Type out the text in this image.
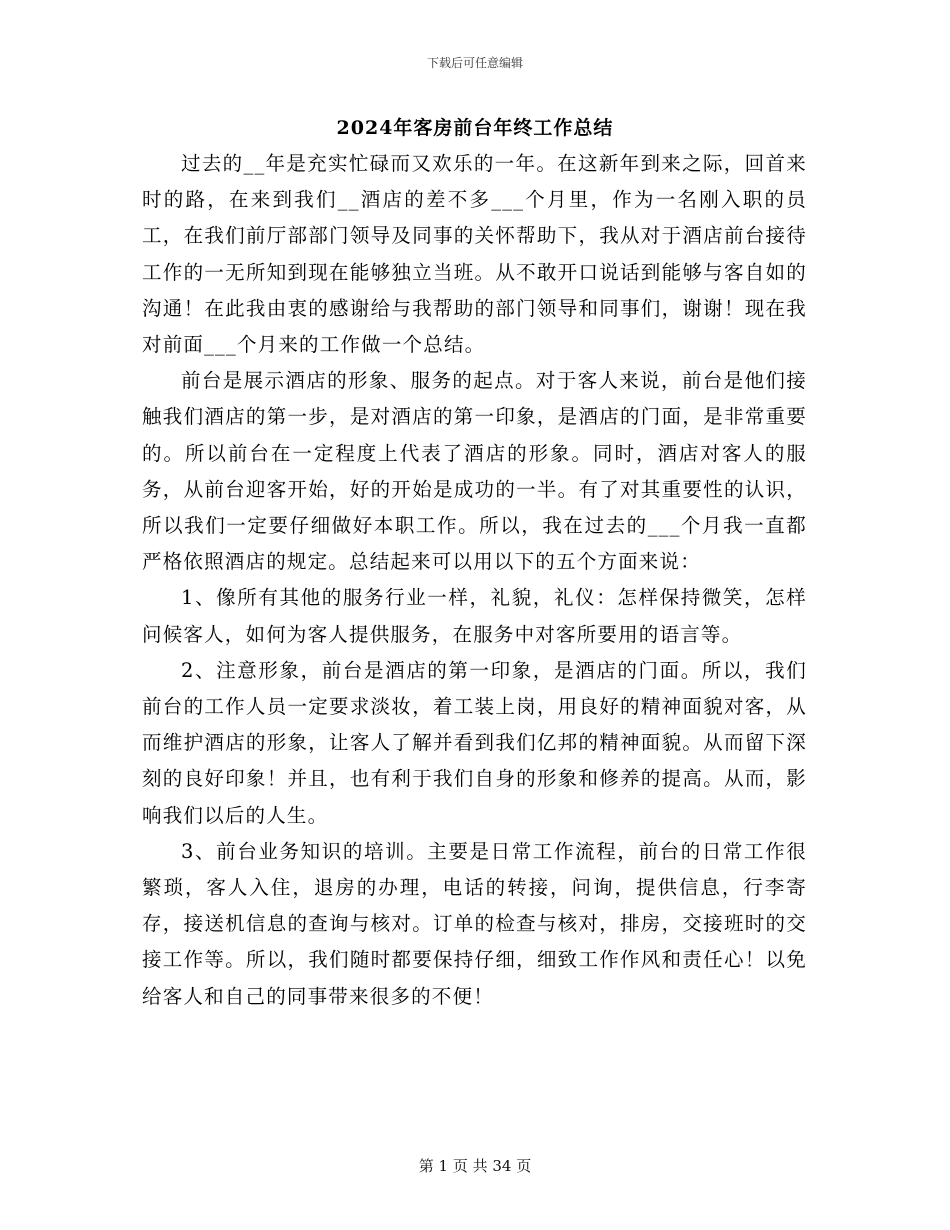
下载后可任意编辑
2024年客房前台年终工作总结

过去的__年是充实忙碌而又欢乐的一年。在这新年到来之际，回首来时的路，在来到我们__酒店的差不多___个月里，作为一名刚入职的员工，在我们前厅部部门领导及同事的关怀帮助下，我从对于酒店前台接待工作的一无所知到现在能够独立当班。从不敢开口说话到能够与客自如的沟通！在此我由衷的感谢给与我帮助的部门领导和同事们，谢谢！现在我对前面___个月来的工作做一个总结。

前台是展示酒店的形象、服务的起点。对于客人来说，前台是他们接触我们酒店的第一步，是对酒店的第一印象，是酒店的门面，是非常重要的。所以前台在一定程度上代表了酒店的形象。同时，酒店对客人的服务，从前台迎客开始，好的开始是成功的一半。有了对其重要性的认识，所以我们一定要仔细做好本职工作。所以，我在过去的___个月我一直都严格依照酒店的规定。总结起来可以用以下的五个方面来说：

1、像所有其他的服务行业一样，礼貌，礼仪：怎样保持微笑，怎样问候客人，如何为客人提供服务，在服务中对客所要用的语言等。

2、注意形象，前台是酒店的第一印象，是酒店的门面。所以，我们前台的工作人员一定要求淡妆，着工装上岗，用良好的精神面貌对客，从而维护酒店的形象，让客人了解并看到我们亿邦的精神面貌。从而留下深刻的良好印象！并且，也有利于我们自身的形象和修养的提高。从而，影响我们以后的人生。

3、前台业务知识的培训。主要是日常工作流程，前台的日常工作很繁琐，客人入住，退房的办理，电话的转接，问询，提供信息，行李寄存，接送机信息的查询与核对。订单的检查与核对，排房，交接班时的交接工作等。所以，我们随时都要保持仔细，细致工作作风和责任心！以免给客人和自己的同事带来很多的不便！

第 1 页 共 34 页
